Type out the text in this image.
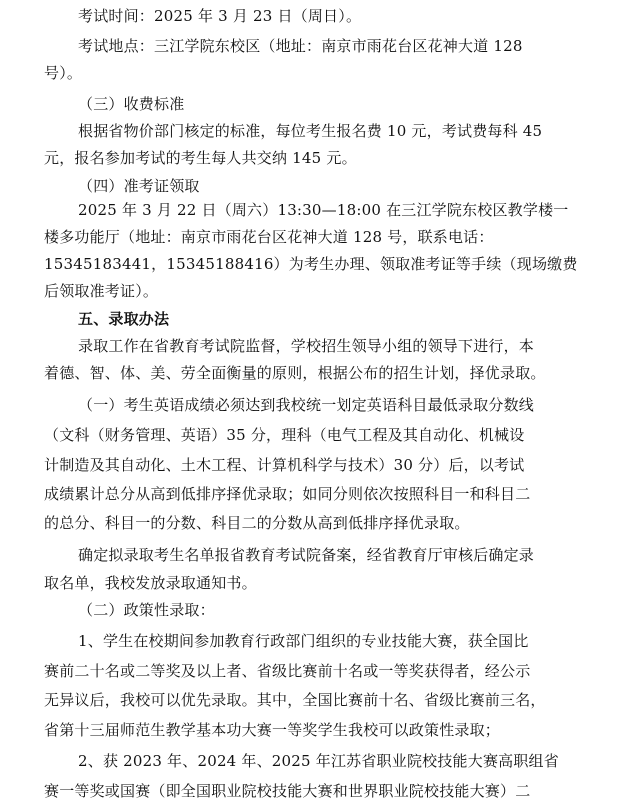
考试时间：2025 年 3 月 23 日（周日）。
考试地点：三江学院东校区（地址：南京市雨花台区花神大道 128
号）。
（三）收费标准
根据省物价部门核定的标准，每位考生报名费 10 元，考试费每科 45
元，报名参加考试的考生每人共交纳 145 元。
（四）准考证领取
2025 年 3 月 22 日（周六）13:30—18:00 在三江学院东校区教学楼一
楼多功能厅（地址：南京市雨花台区花神大道 128 号，联系电话：
15345183441，15345188416）为考生办理、领取准考证等手续（现场缴费
后领取准考证）。
五、录取办法
录取工作在省教育考试院监督，学校招生领导小组的领导下进行，本
着德、智、体、美、劳全面衡量的原则，根据公布的招生计划，择优录取。
（一）考生英语成绩必须达到我校统一划定英语科目最低录取分数线
（文科（财务管理、英语）35 分，理科（电气工程及其自动化、机械设
计制造及其自动化、土木工程、计算机科学与技术）30 分）后，以考试
成绩累计总分从高到低排序择优录取；如同分则依次按照科目一和科目二
的总分、科目一的分数、科目二的分数从高到低排序择优录取。
确定拟录取考生名单报省教育考试院备案，经省教育厅审核后确定录
取名单，我校发放录取通知书。
（二）政策性录取：
1、学生在校期间参加教育行政部门组织的专业技能大赛，获全国比
赛前二十名或二等奖及以上者、省级比赛前十名或一等奖获得者，经公示
无异议后，我校可以优先录取。其中，全国比赛前十名、省级比赛前三名，
省第十三届师范生教学基本功大赛一等奖学生我校可以政策性录取；
2、获 2023 年、2024 年、2025 年江苏省职业院校技能大赛高职组省
赛一等奖或国赛（即全国职业院校技能大赛和世界职业院校技能大赛）二
